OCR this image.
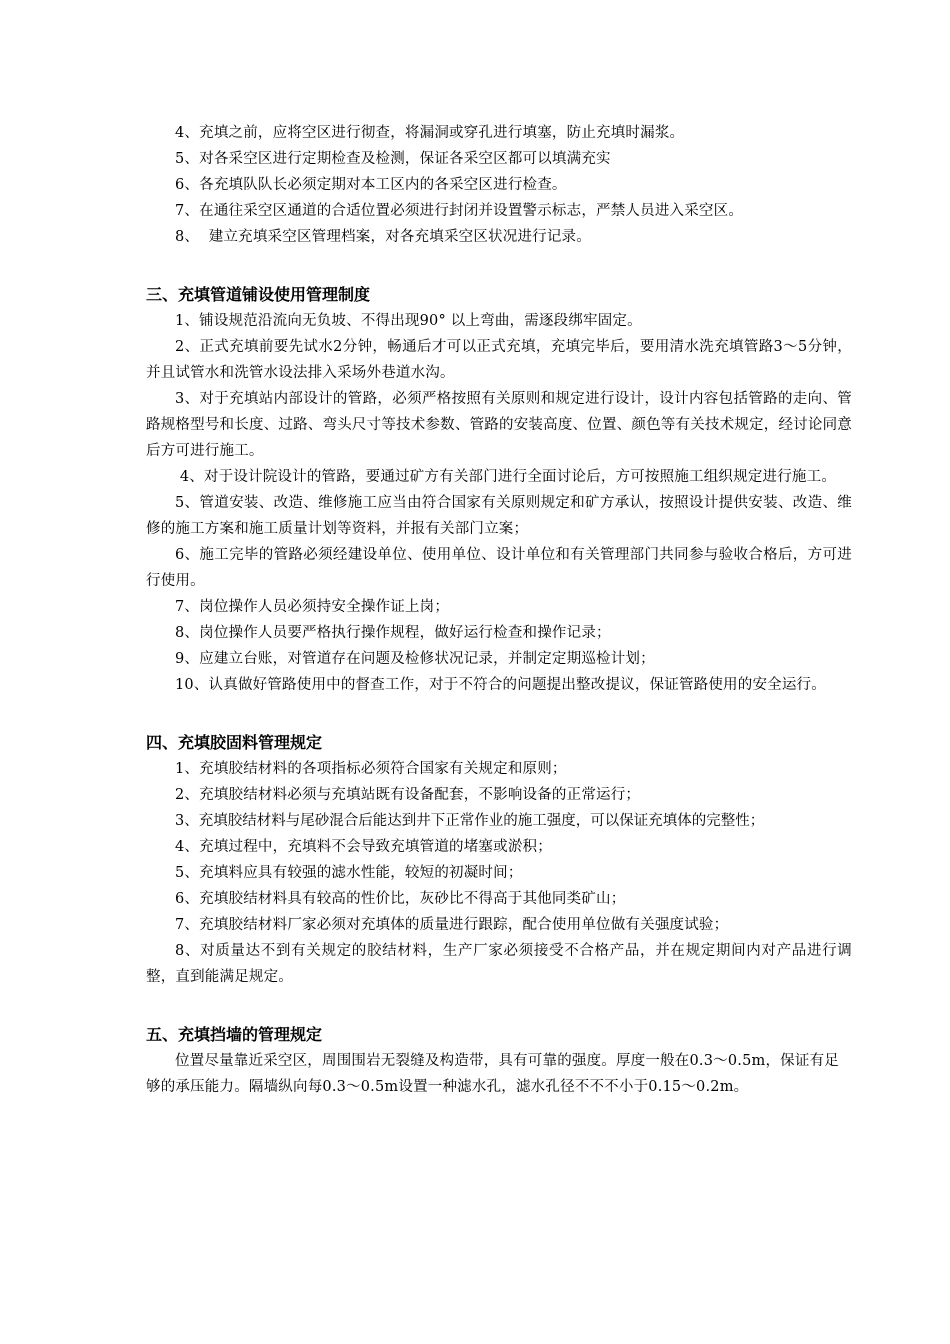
4、充填之前，应将空区进行彻查，将漏洞或穿孔进行填塞，防止充填时漏浆。

5、对各采空区进行定期检查及检测，保证各采空区都可以填满充实

6、各充填队队长必须定期对本工区内的各采空区进行检查。

7、在通往采空区通道的合适位置必须进行封闭并设置警示标志，严禁人员进入采空区。

8、  建立充填采空区管理档案，对各充填采空区状况进行记录。

三、充填管道铺设使用管理制度

1、铺设规范沿流向无负坡、不得出现90° 以上弯曲，需逐段绑牢固定。

2、正式充填前要先试水2分钟，畅通后才可以正式充填，充填完毕后，要用清水洗充填管路3～5分钟，并且试管水和洗管水设法排入采场外巷道水沟。

3、对于充填站内部设计的管路，必须严格按照有关原则和规定进行设计，设计内容包括管路的走向、管路规格型号和长度、过路、弯头尺寸等技术参数、管路的安装高度、位置、颜色等有关技术规定，经讨论同意后方可进行施工。

4、对于设计院设计的管路，要通过矿方有关部门进行全面讨论后，方可按照施工组织规定进行施工。

5、管道安装、改造、维修施工应当由符合国家有关原则规定和矿方承认，按照设计提供安装、改造、维修的施工方案和施工质量计划等资料，并报有关部门立案；

6、施工完毕的管路必须经建设单位、使用单位、设计单位和有关管理部门共同参与验收合格后，方可进行使用。

7、岗位操作人员必须持安全操作证上岗；

8、岗位操作人员要严格执行操作规程，做好运行检查和操作记录；

9、应建立台账，对管道存在问题及检修状况记录，并制定定期巡检计划；

10、认真做好管路使用中的督查工作，对于不符合的问题提出整改提议，保证管路使用的安全运行。

四、充填胶固料管理规定

1、充填胶结材料的各项指标必须符合国家有关规定和原则；

2、充填胶结材料必须与充填站既有设备配套，不影响设备的正常运行；

3、充填胶结材料与尾砂混合后能达到井下正常作业的施工强度，可以保证充填体的完整性；

4、充填过程中，充填料不会导致充填管道的堵塞或淤积；

5、充填料应具有较强的滤水性能，较短的初凝时间；

6、充填胶结材料具有较高的性价比，灰砂比不得高于其他同类矿山；

7、充填胶结材料厂家必须对充填体的质量进行跟踪，配合使用单位做有关强度试验；

8、对质量达不到有关规定的胶结材料，生产厂家必须接受不合格产品，并在规定期间内对产品进行调整，直到能满足规定。

五、充填挡墙的管理规定

位置尽量靠近采空区，周围围岩无裂缝及构造带，具有可靠的强度。厚度一般在0.3～0.5m，保证有足够的承压能力。隔墙纵向每0.3～0.5m设置一种滤水孔，滤水孔径不不不小于0.15～0.2m。
